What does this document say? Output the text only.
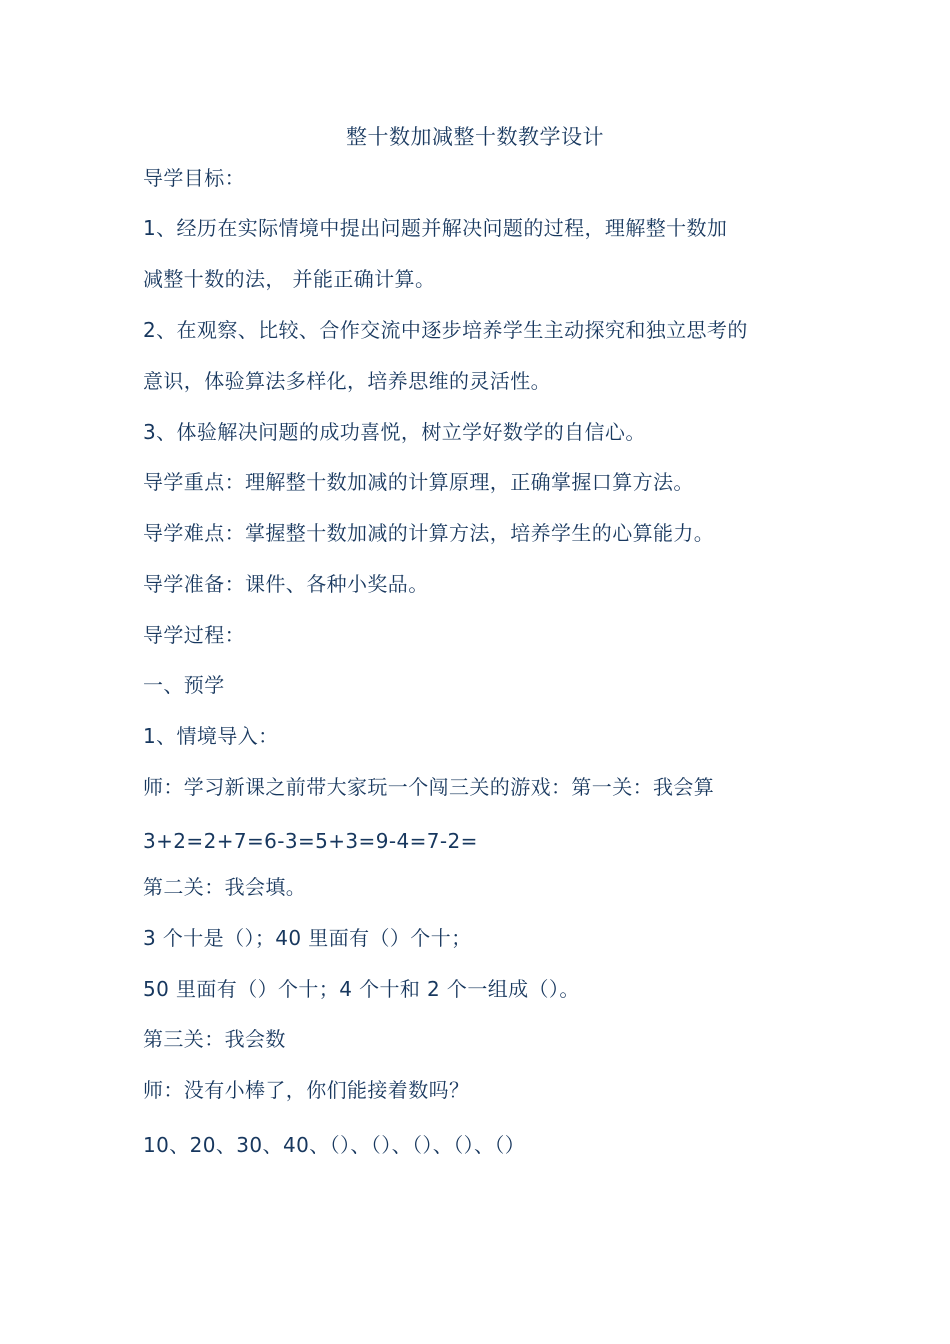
整十数加减整十数教学设计
导学目标：
1、经历在实际情境中提出问题并解决问题的过程，理解整十数加
减整十数的法， 并能正确计算。
2、在观察、比较、合作交流中逐步培养学生主动探究和独立思考的
意识，体验算法多样化，培养思维的灵活性。
3、体验解决问题的成功喜悦，树立学好数学的自信心。
导学重点：理解整十数加减的计算原理，正确掌握口算方法。
导学难点：掌握整十数加减的计算方法，培养学生的心算能力。
导学准备：课件、各种小奖品。
导学过程：
一、预学
1、情境导入：
师：学习新课之前带大家玩一个闯三关的游戏：第一关：我会算
3+2=2+7=6-3=5+3=9-4=7-2=
第二关：我会填。
3 个十是（）；40 里面有（）个十；
50 里面有（）个十；4 个十和 2 个一组成（）。
第三关：我会数
师：没有小棒了，你们能接着数吗？
10、20、30、40、（）、（）、（）、（）、（）
